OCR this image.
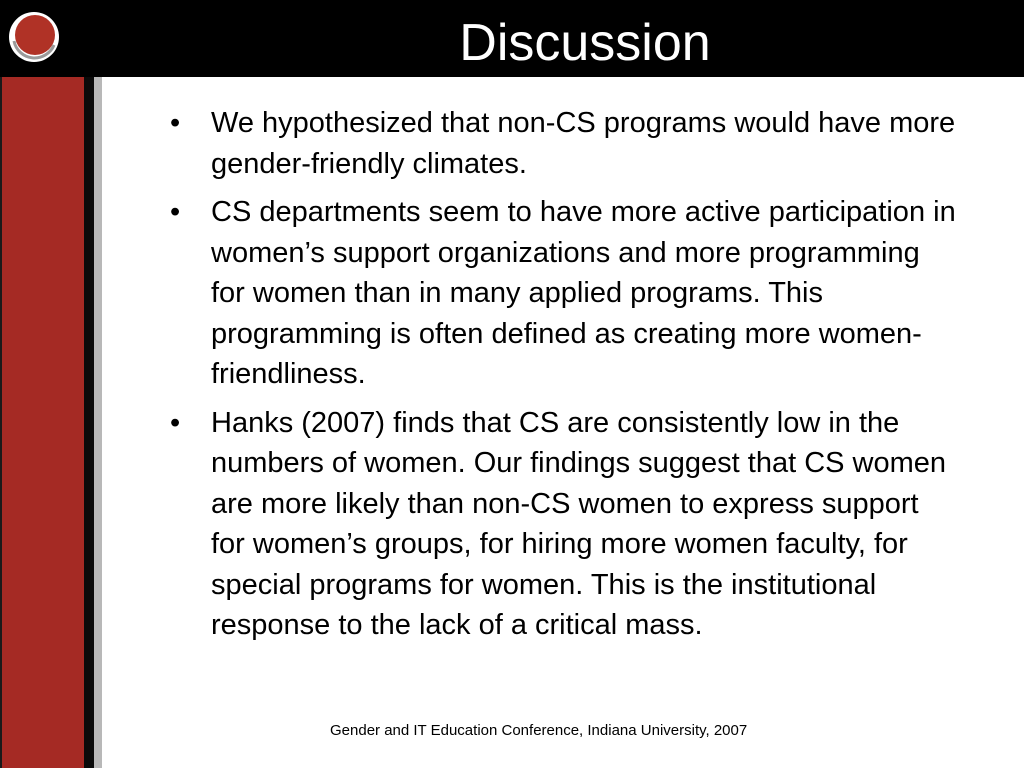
Discussion
• We hypothesized that non-CS programs would have more gender-friendly climates.
• CS departments seem to have more active participation in women’s support organizations and more programming for women than in many applied programs. This programming is often defined as creating more women-friendliness.
• Hanks (2007) finds that CS are consistently low in the numbers of women. Our findings suggest that CS women are more likely than non-CS women to express support for women’s groups, for hiring more women faculty, for special programs for women. This is the institutional response to the lack of a critical mass.
Gender and IT Education Conference, Indiana University, 2007
